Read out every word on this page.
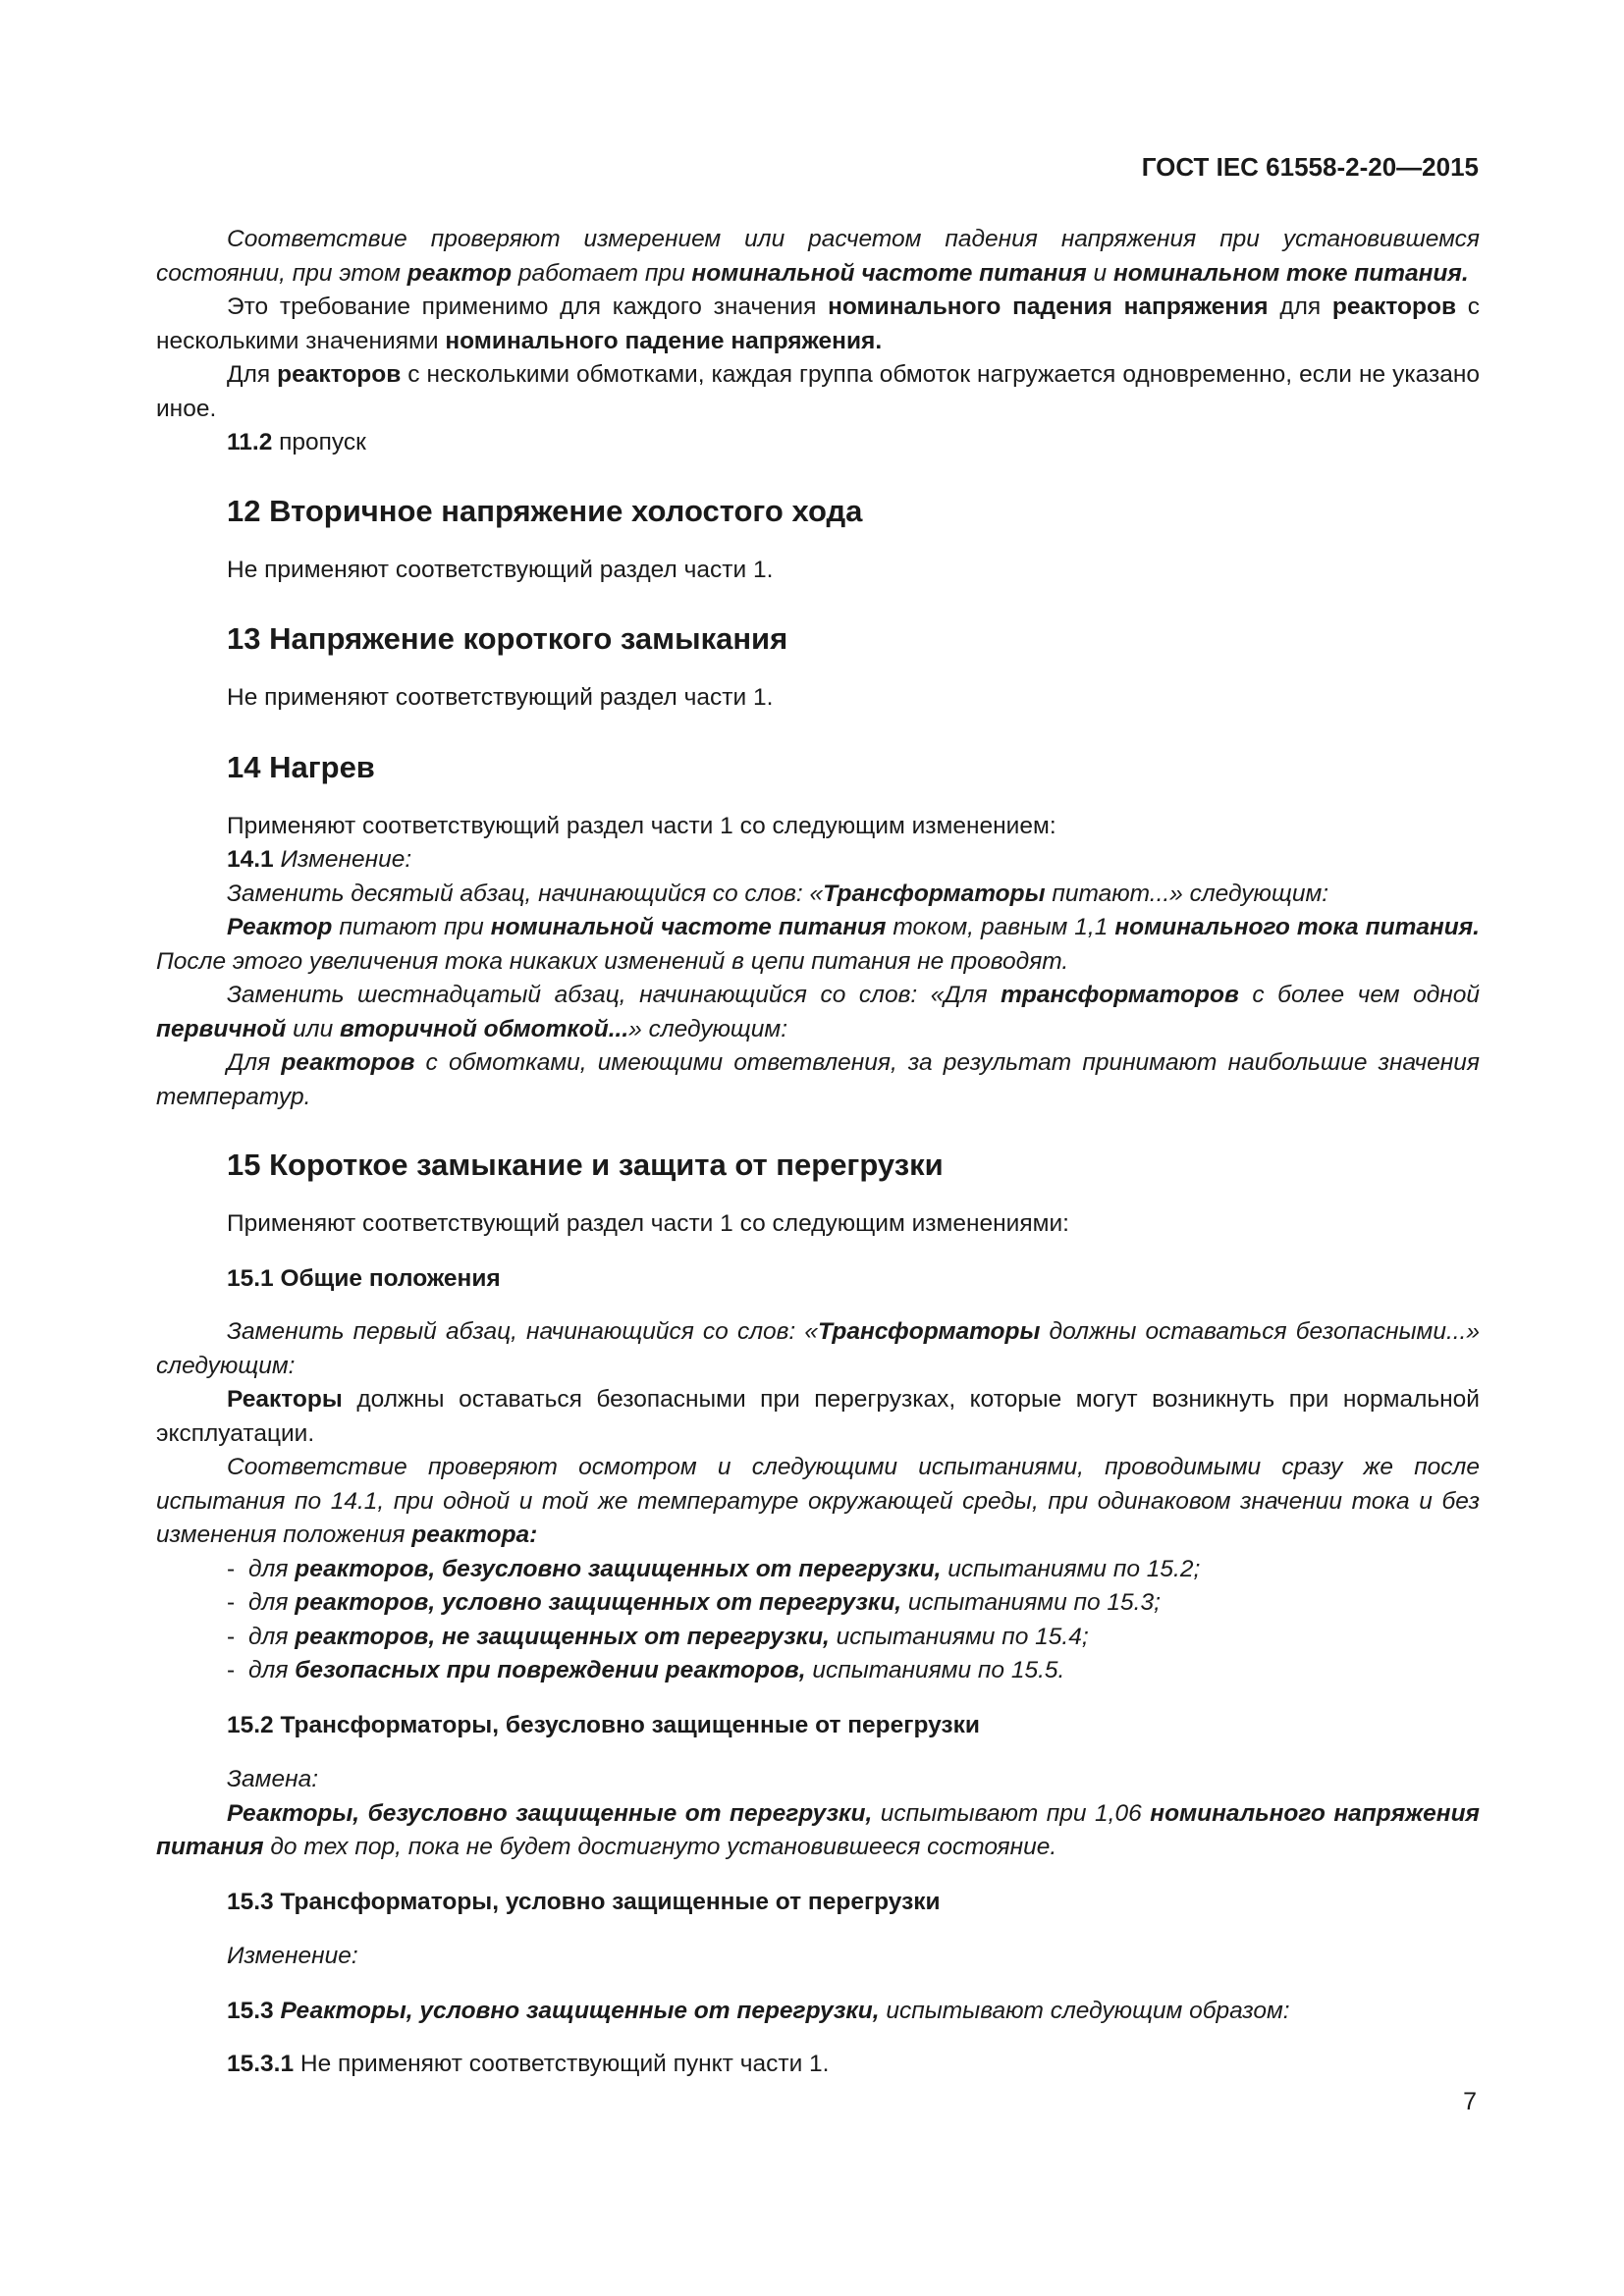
ГОСТ IEC 61558-2-20—2015

Соответствие проверяют измерением или расчетом падения напряжения при установившемся состоянии, при этом реактор работает при номинальной частоте питания и номинальном токе питания.

Это требование применимо для каждого значения номинального падения напряжения для реакторов с несколькими значениями номинального падение напряжения.

Для реакторов с несколькими обмотками, каждая группа обмоток нагружается одновременно, если не указано иное.

11.2 пропуск

12 Вторичное напряжение холостого хода

Не применяют соответствующий раздел части 1.

13 Напряжение короткого замыкания

Не применяют соответствующий раздел части 1.

14 Нагрев

Применяют соответствующий раздел части 1 со следующим изменением:

14.1 Изменение:

Заменить десятый абзац, начинающийся со слов: «Трансформаторы питают...» следующим:

Реактор питают при номинальной частоте питания током, равным 1,1 номинального тока питания. После этого увеличения тока никаких изменений в цепи питания не проводят.

Заменить шестнадцатый абзац, начинающийся со слов: «Для трансформаторов с более чем одной первичной или вторичной обмоткой...» следующим:

Для реакторов с обмотками, имеющими ответвления, за результат принимают наибольшие значения температур.

15 Короткое замыкание и защита от перегрузки

Применяют соответствующий раздел части 1 со следующим изменениями:

15.1 Общие положения

Заменить первый абзац, начинающийся со слов: «Трансформаторы должны оставаться безопасными...» следующим:

Реакторы должны оставаться безопасными при перегрузках, которые могут возникнуть при нормальной эксплуатации.

Соответствие проверяют осмотром и следующими испытаниями, проводимыми сразу же после испытания по 14.1, при одной и той же температуре окружающей среды, при одинаковом значении тока и без изменения положения реактора:

- для реакторов, безусловно защищенных от перегрузки, испытаниями по 15.2;
- для реакторов, условно защищенных от перегрузки, испытаниями по 15.3;
- для реакторов, не защищенных от перегрузки, испытаниями по 15.4;
- для безопасных при повреждении реакторов, испытаниями по 15.5.
15.2 Трансформаторы, безусловно защищенные от перегрузки

Замена:

Реакторы, безусловно защищенные от перегрузки, испытывают при 1,06 номинального напряжения питания до тех пор, пока не будет достигнуто установившееся состояние.

15.3 Трансформаторы, условно защищенные от перегрузки

Изменение:

15.3 Реакторы, условно защищенные от перегрузки, испытывают следующим образом:

15.3.1 Не применяют соответствующий пункт части 1.

7
